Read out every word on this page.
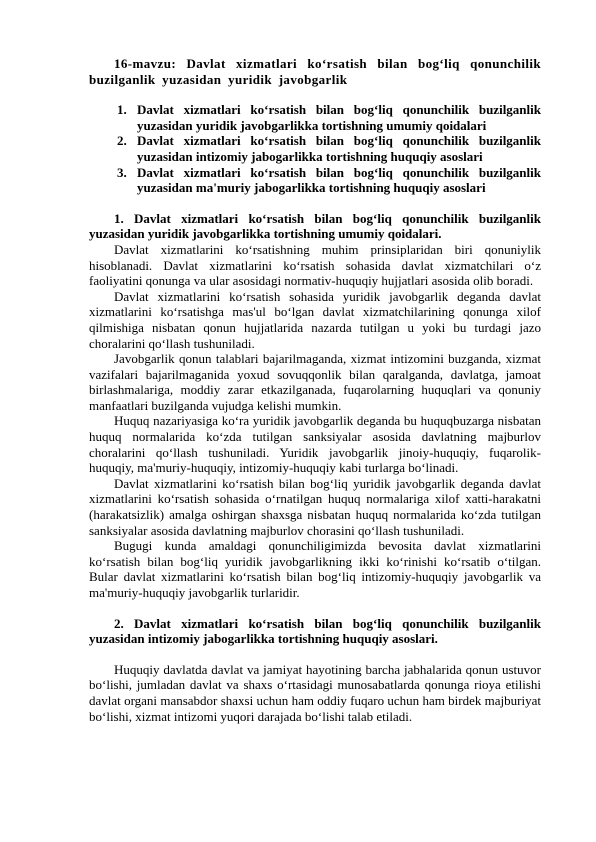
16-mavzu: Davlat xizmatlari ko‘rsatish bilan bog‘liq qonunchilik buzilganlik yuzasidan yuridik javobgarlik

1. Davlat xizmatlari ko‘rsatish bilan bog‘liq qonunchilik buzilganlik yuzasidan yuridik javobgarlikka tortishning umumiy qoidalari
2. Davlat xizmatlari ko‘rsatish bilan bog‘liq qonunchilik buzilganlik yuzasidan intizomiy jabogarlikka tortishning huquqiy asoslari
3. Davlat xizmatlari ko‘rsatish bilan bog‘liq qonunchilik buzilganlik yuzasidan ma'muriy jabogarlikka tortishning huquqiy asoslari

1. Davlat xizmatlari ko‘rsatish bilan bog‘liq qonunchilik buzilganlik yuzasidan yuridik javobgarlikka tortishning umumiy qoidalari.

Davlat xizmatlarini ko‘rsatishning muhim prinsiplaridan biri qonuniylik hisoblanadi. Davlat xizmatlarini ko‘rsatish sohasida davlat xizmatchilari o‘z faoliyatini qonunga va ular asosidagi normativ-huquqiy hujjatlari asosida olib boradi.

Davlat xizmatlarini ko‘rsatish sohasida yuridik javobgarlik deganda davlat xizmatlarini ko‘rsatishga mas'ul bo‘lgan davlat xizmatchilarining qonunga xilof qilmishiga nisbatan qonun hujjatlarida nazarda tutilgan u yoki bu turdagi jazo choralarini qo‘llash tushuniladi.

Javobgarlik qonun talablari bajarilmaganda, xizmat intizomini buzganda, xizmat vazifalari bajarilmaganida yoxud sovuqqonlik bilan qaralganda, davlatga, jamoat birlashmalariga, moddiy zarar etkazilganada, fuqarolarning huquqlari va qonuniy manfaatlari buzilganda vujudga kelishi mumkin.

Huquq nazariyasiga ko‘ra yuridik javobgarlik deganda bu huquqbuzarga nisbatan huquq normalarida ko‘zda tutilgan sanksiyalar asosida davlatning majburlov choralarini qo‘llash tushuniladi. Yuridik javobgarlik jinoiy-huquqiy, fuqarolik-huquqiy, ma'muriy-huquqiy, intizomiy-huquqiy kabi turlarga bo‘linadi.

Davlat xizmatlarini ko‘rsatish bilan bog‘liq yuridik javobgarlik deganda davlat xizmatlarini ko‘rsatish sohasida o‘rnatilgan huquq normalariga xilof xatti-harakatni (harakatsizlik) amalga oshirgan shaxsga nisbatan huquq normalarida ko‘zda tutilgan sanksiyalar asosida davlatning majburlov chorasini qo‘llash tushuniladi.

Bugugi kunda amaldagi qonunchiligimizda bevosita davlat xizmatlarini ko‘rsatish bilan bog‘liq yuridik javobgarlikning ikki ko‘rinishi ko‘rsatib o‘tilgan. Bular davlat xizmatlarini ko‘rsatish bilan bog‘liq intizomiy-huquqiy javobgarlik va ma'muriy-huquqiy javobgarlik turlaridir.

2. Davlat xizmatlari ko‘rsatish bilan bog‘liq qonunchilik buzilganlik yuzasidan intizomiy jabogarlikka tortishning huquqiy asoslari.

Huquqiy davlatda davlat va jamiyat hayotining barcha jabhalarida qonun ustuvor bo‘lishi, jumladan davlat va shaxs o‘rtasidagi munosabatlarda qonunga rioya etilishi davlat organi mansabdor shaxsi uchun ham oddiy fuqaro uchun ham birdek majburiyat bo‘lishi, xizmat intizomi yuqori darajada bo‘lishi talab etiladi.
